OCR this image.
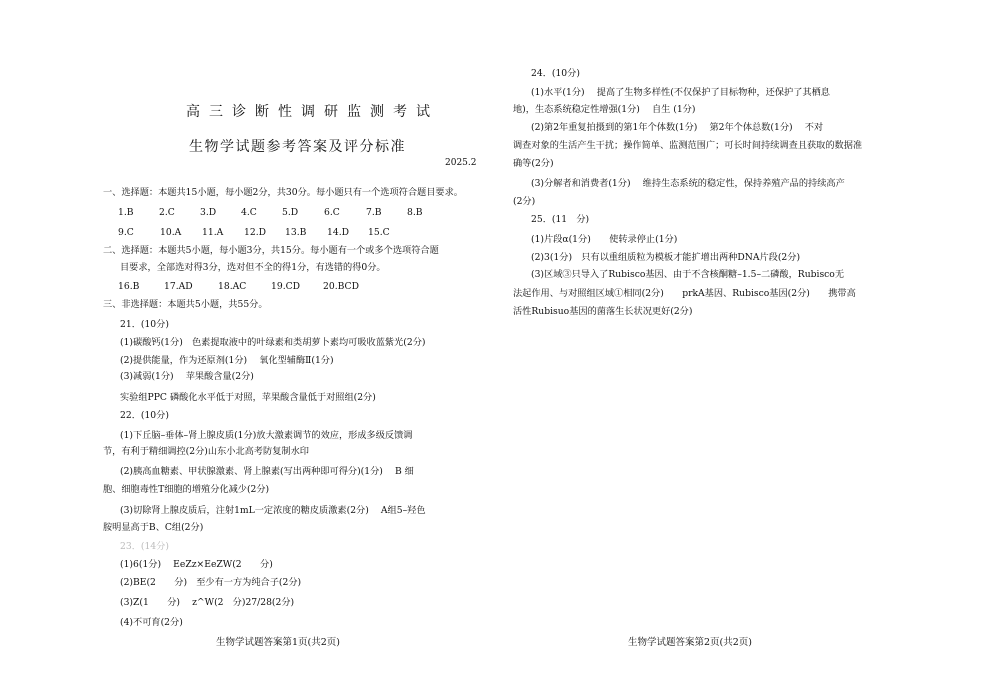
高三诊断性调研监测考试
生物学试题参考答案及评分标准
2025.2
一、选择题：本题共15小题，每小题2分，共30分。每小题只有一个选项符合题目要求。
1.B	2.C	3.D	4.C	5.D	6.C	7.B	8.B
9.C	10.A 11.A 12.D 13.B 14.D 15.C
二、选择题：本题共5小题，每小题3分，共15分。每小题有一个或多个选项符合题
目要求，全部选对得3分，选对但不全的得1分，有选错的得0分。
16.B	17.AD	18.AC	19.CD 20.BCD
三、非选择题：本题共5小题，共55分。
21．(10分)
(1)碳酸钙(1分)　色素提取液中的叶绿素和类胡萝卜素均可吸收蓝紫光(2分)
(2)提供能量，作为还原剂(1分)　 氧化型辅酶Ⅱ(1分)
(3)减弱(1分)　 苹果酸含量(2分)
实验组PPC 磷酸化水平低于对照，苹果酸含量低于对照组(2分)
22．(10分)
(1)下丘脑–垂体–肾上腺皮质(1分)放大激素调节的效应，形成多级反馈调
节，有利于精细调控(2分)山东小北高考防复制水印
(2)胰高血糖素、甲状腺激素、肾上腺素(写出两种即可得分)(1分)　 B 细
胞、细胞毒性T细胞的增殖分化减少(2分)
(3)切除肾上腺皮质后，注射1mL一定浓度的糖皮质激素(2分)　 A组5–羟色
胺明显高于B、C组(2分)
23．(14分)
(1)6(1分)　 EeZz×EeZW(2　　分)
(2)BE(2　　分)　至少有一方为纯合子(2分)
(3)Z(1　　分)　 z^W(2　分)27/28(2分)
(4)不可育(2分)
生物学试题答案第1页(共2页)
24．(10分)
(1)水平(1分)　 提高了生物多样性(不仅保护了目标物种，还保护了其栖息
地)，生态系统稳定性增强(1分)　 自生 (1分)
(2)第2年重复拍摄到的第1年个体数(1分)　 第2年个体总数(1分)　 不对
调查对象的生活产生干扰；操作简单、监测范围广；可长时间持续调查且获取的数据准
确等(2分)
(3)分解者和消费者(1分)　 维持生态系统的稳定性，保持养殖产品的持续高产
(2分)
25．(11　分)
(1)片段α(1分)　　使转录停止(1分)
(2)3(1分)　只有以重组质粒为模板才能扩增出两种DNA片段(2分)
(3)区域③只导入了Rubisco基因、由于不含核酮糖–1.5–二磷酸，Rubisco无
法起作用、与对照组区域①相同(2分)　　prkA基因、Rubisco基因(2分)　　携带高
活性Rubisuo基因的菌落生长状况更好(2分)
生物学试题答案第2页(共2页)
